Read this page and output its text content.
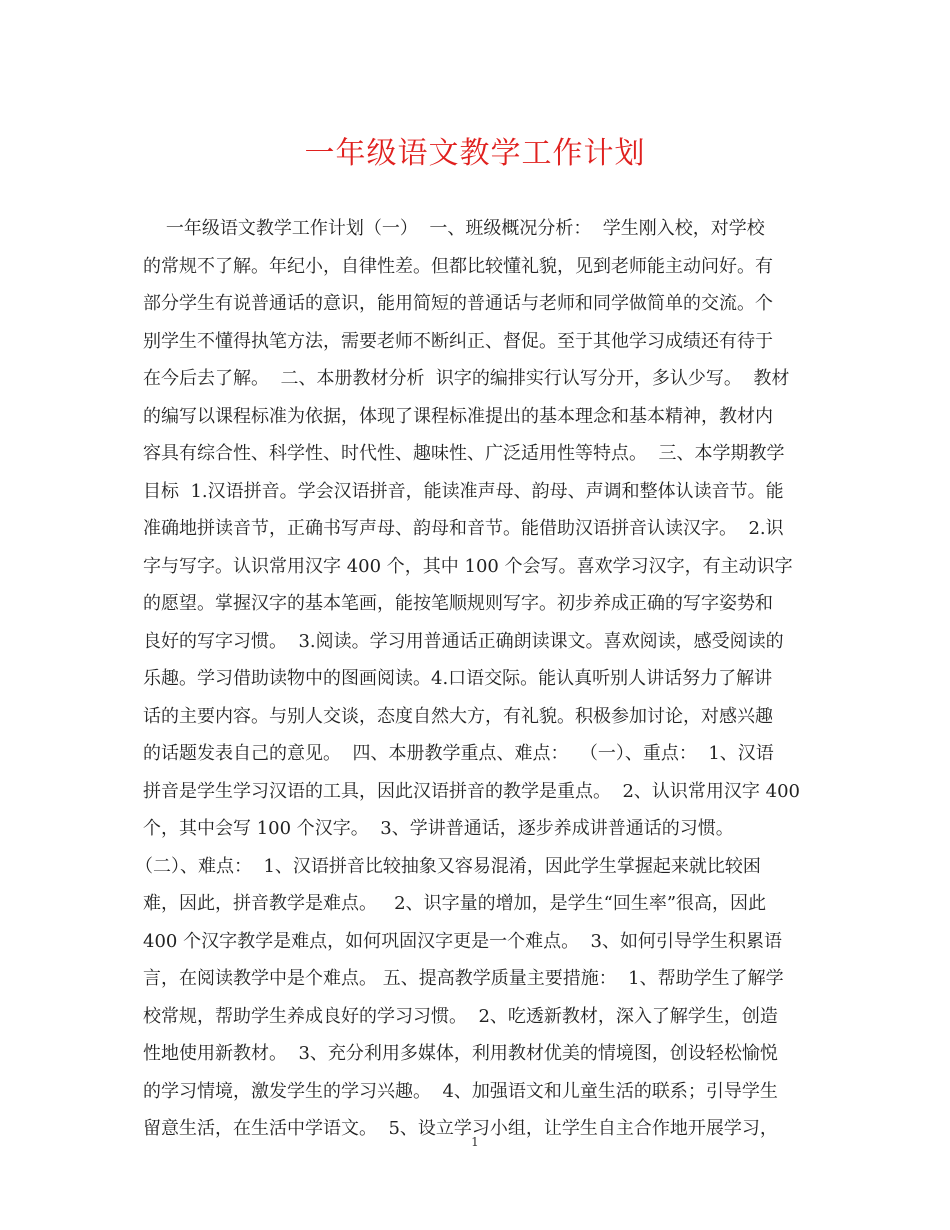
一年级语文教学工作计划
一年级语文教学工作计划（一）  一、班级概况分析：  学生刚入校，对学校
的常规不了解。年纪小，自律性差。但都比较懂礼貌，见到老师能主动问好。有
部分学生有说普通话的意识，能用简短的普通话与老师和同学做简单的交流。个
别学生不懂得执笔方法，需要老师不断纠正、督促。至于其他学习成绩还有待于
在今后去了解。  二、本册教材分析  识字的编排实行认写分开，多认少写。  教材
的编写以课程标准为依据，体现了课程标准提出的基本理念和基本精神，教材内
容具有综合性、科学性、时代性、趣味性、广泛适用性等特点。  三、本学期教学
目标  1.汉语拼音。学会汉语拼音，能读准声母、韵母、声调和整体认读音节。能
准确地拼读音节，正确书写声母、韵母和音节。能借助汉语拼音认读汉字。  2.识
字与写字。认识常用汉字 400 个，其中 100 个会写。喜欢学习汉字，有主动识字
的愿望。掌握汉字的基本笔画，能按笔顺规则写字。初步养成正确的写字姿势和
良好的写字习惯。  3.阅读。学习用普通话正确朗读课文。喜欢阅读，感受阅读的
乐趣。学习借助读物中的图画阅读。4.口语交际。能认真听别人讲话努力了解讲
话的主要内容。与别人交谈，态度自然大方，有礼貌。积极参加讨论，对感兴趣
的话题发表自己的意见。  四、本册教学重点、难点：  （一）、重点：  1、汉语
拼音是学生学习汉语的工具，因此汉语拼音的教学是重点。  2、认识常用汉字 400
个，其中会写 100 个汉字。  3、学讲普通话，逐步养成讲普通话的习惯。
（二）、难点：  1、汉语拼音比较抽象又容易混淆，因此学生掌握起来就比较困
难，因此，拼音教学是难点。   2、识字量的增加，是学生“回生率”很高，因此
400 个汉字教学是难点，如何巩固汉字更是一个难点。  3、如何引导学生积累语
言，在阅读教学中是个难点。 五、提高教学质量主要措施：  1、帮助学生了解学
校常规，帮助学生养成良好的学习习惯。  2、吃透新教材，深入了解学生，创造
性地使用新教材。  3、充分利用多媒体，利用教材优美的情境图，创设轻松愉悦
的学习情境，激发学生的学习兴趣。  4、加强语文和儿童生活的联系；引导学生
留意生活，在生活中学语文。  5、设立学习小组，让学生自主合作地开展学习，
1
